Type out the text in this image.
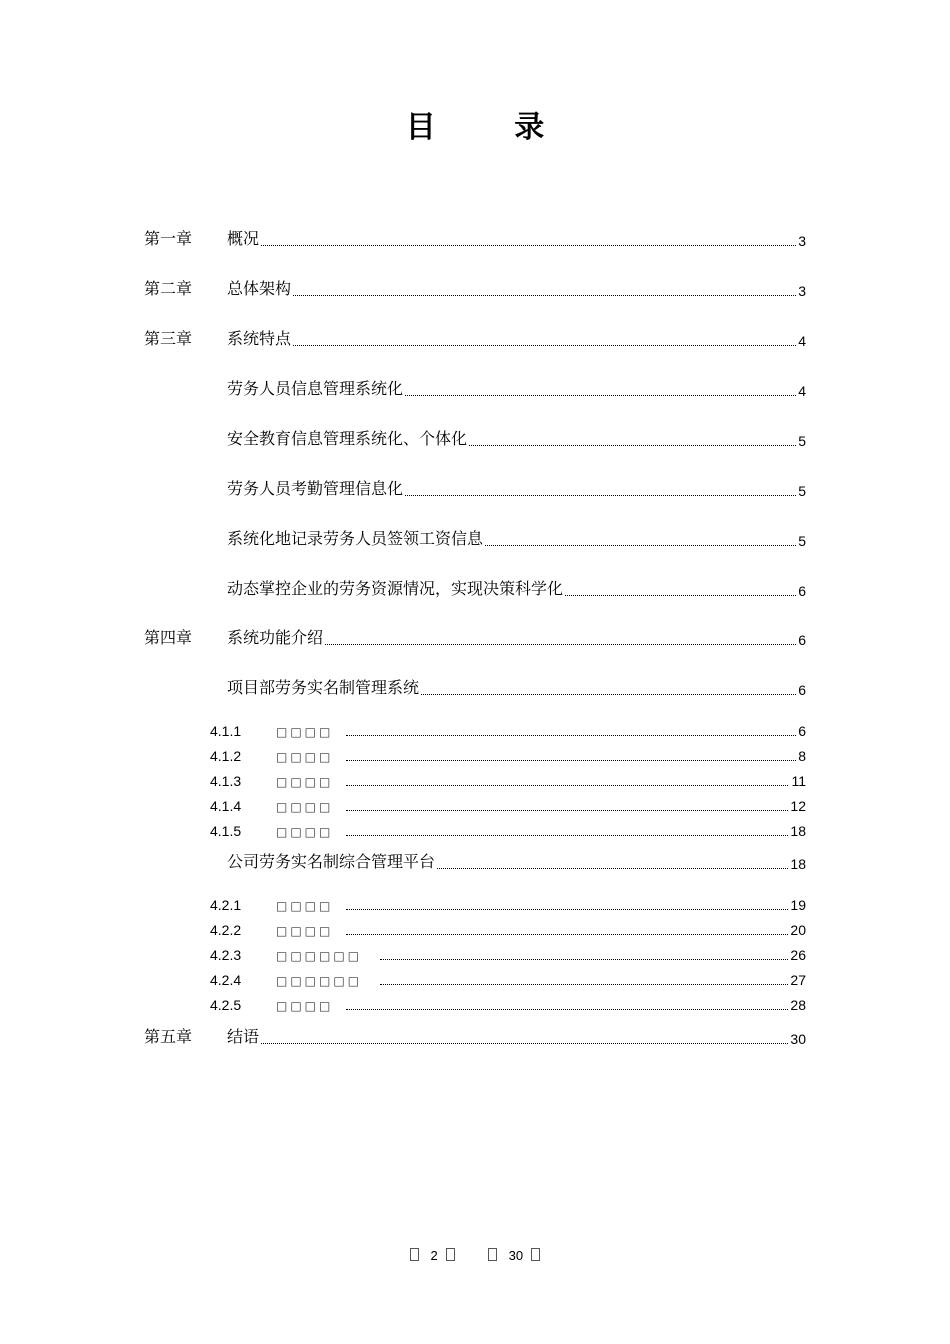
目 录
第一章 概况	3
第二章 总体架构	3
第三章 系统特点	4
劳务人员信息管理系统化	4
安全教育信息管理系统化、个体化	5
劳务人员考勤管理信息化	5
系统化地记录劳务人员签领工资信息	5
动态掌控企业的劳务资源情况，实现决策科学化	6
第四章 系统功能介绍	6
项目部劳务实名制管理系统	6
4.1.1	□□□□	6
4.1.2	□□□□	8
4.1.3	□□□□	11
4.1.4	□□□□	12
4.1.5	□□□□	18
公司劳务实名制综合管理平台	18
4.2.1	□□□□	19
4.2.2	□□□□	20
4.2.3	□□□□□□	26
4.2.4	□□□□□□	27
4.2.5	□□□□	28
第五章 结语	30
2	30
